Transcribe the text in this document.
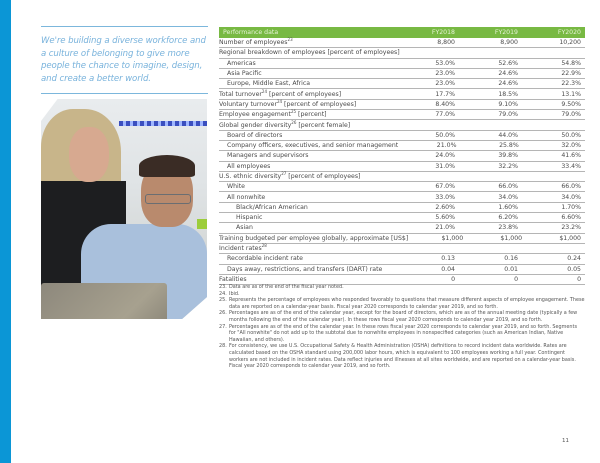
We're building a diverse workforce and a culture of belonging to give more people the chance to imagine, design, and create a better world.
Performance data	FY2018	FY2019	FY2020
Number of employees$^{23}$	8,800	8,900	10,200
Regional breakdown of employees [percent of employees]
Americas	53.0%	52.6%	54.8%
Asia Pacific	23.0%	24.6%	22.9%
Europe, Middle East, Africa	23.0%	24.6%	22.3%
Total turnover$^{24}$ [percent of employees]	17.7%	18.5%	13.1%
Voluntary turnover$^{24}$ [percent of employees]	8.40%	9.10%	9.50%
Employee engagement$^{25}$ [percent]	77.0%	79.0%	79.0%
Global gender diversity$^{26}$ [percent female]
Board of directors	50.0%	44.0%	50.0%
Company officers, executives, and senior management	21.0%	25.8%	32.0%
Managers and supervisors	24.0%	39.8%	41.6%
All employees	31.0%	32.2%	33.4%
U.S. ethnic diversity$^{27}$ [percent of employees]
White	67.0%	66.0%	66.0%
All nonwhite	33.0%	34.0%	34.0%
Black/African American	2.60%	1.60%	1.70%
Hispanic	5.60%	6.20%	6.60%
Asian	21.0%	23.8%	23.2%
Training budgeted per employee globally, approximate [US$]	$1,000	$1,000	$1,000
Incident rates$^{28}$
Recordable incident rate	0.13	0.16	0.24
Days away, restrictions, and transfers (DART) rate	0.04	0.01	0.05
Fatalities	0	0	0
23. Data are as of the end of the fiscal year noted.
24. Ibid.
25. Represents the percentage of employees who responded favorably to questions that measure different aspects of employee engagement. These data are reported on a calendar-year basis. Fiscal year 2020 corresponds to calendar year 2019, and so forth.
26. Percentages are as of the end of the calendar year, except for the board of directors, which are as of the annual meeting date (typically a few months following the end of the calendar year). In these rows fiscal year 2020 corresponds to calendar year 2019, and so forth.
27. Percentages are as of the end of the calendar year. In these rows fiscal year 2020 corresponds to calendar year 2019, and so forth. Segments for "All nonwhite" do not add up to the subtotal due to nonwhite employees in nonspecified categories (such as American Indian, Native Hawaiian, and others).
28. For consistency, we use U.S. Occupational Safety & Health Administration (OSHA) definitions to record incident data worldwide. Rates are calculated based on the OSHA standard using 200,000 labor hours, which is equivalent to 100 employees working a full year. Contingent workers are not included in incident rates. Data reflect injuries and illnesses at all sites worldwide, and are reported on a calendar-year basis. Fiscal year 2020 corresponds to calendar year 2019, and so forth.
11
